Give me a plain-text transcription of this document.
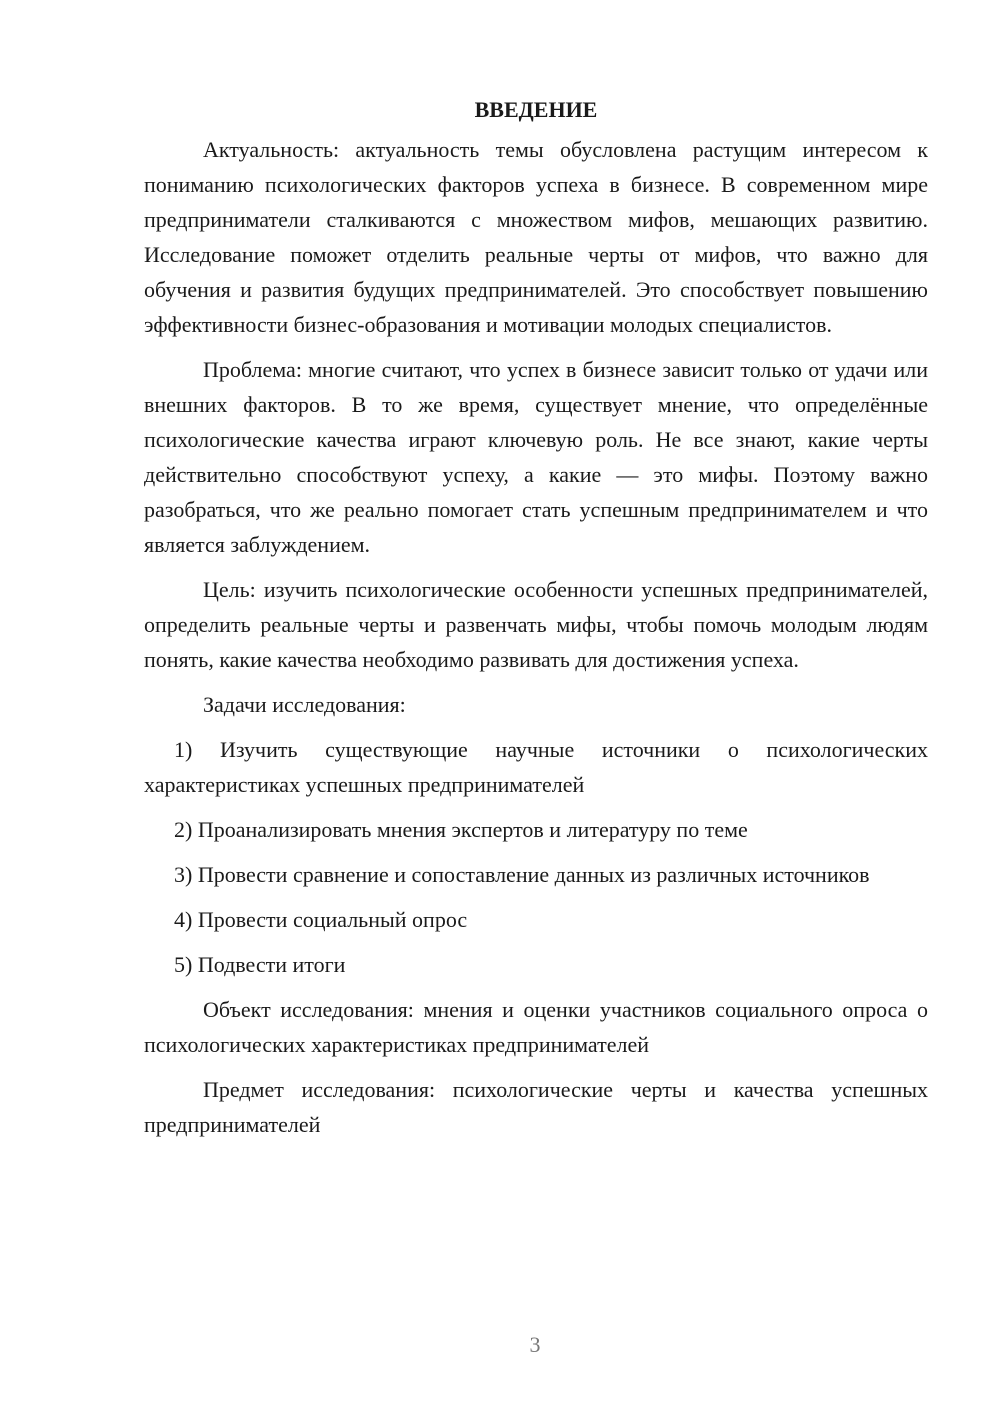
ВВЕДЕНИЕ

Актуальность: актуальность темы обусловлена растущим интересом к пониманию психологических факторов успеха в бизнесе. В современном мире предприниматели сталкиваются с множеством мифов, мешающих развитию. Исследование поможет отделить реальные черты от мифов, что важно для обучения и развития будущих предпринимателей. Это способствует повышению эффективности бизнес-образования и мотивации молодых специалистов.

Проблема: многие считают, что успех в бизнесе зависит только от удачи или внешних факторов. В то же время, существует мнение, что определённые психологические качества играют ключевую роль. Не все знают, какие черты действительно способствуют успеху, а какие — это мифы. Поэтому важно разобраться, что же реально помогает стать успешным предпринимателем и что является заблуждением.

Цель: изучить психологические особенности успешных предпринимателей, определить реальные черты и развенчать мифы, чтобы помочь молодым людям понять, какие качества необходимо развивать для достижения успеха.

Задачи исследования:

1) Изучить существующие научные источники о психологических характеристиках успешных предпринимателей

2) Проанализировать мнения экспертов и литературу по теме

3) Провести сравнение и сопоставление данных из различных источников

4) Провести социальный опрос

5) Подвести итоги

Объект исследования: мнения и оценки участников социального опроса о психологических характеристиках предпринимателей

Предмет исследования: психологические черты и качества успешных предпринимателей

3
